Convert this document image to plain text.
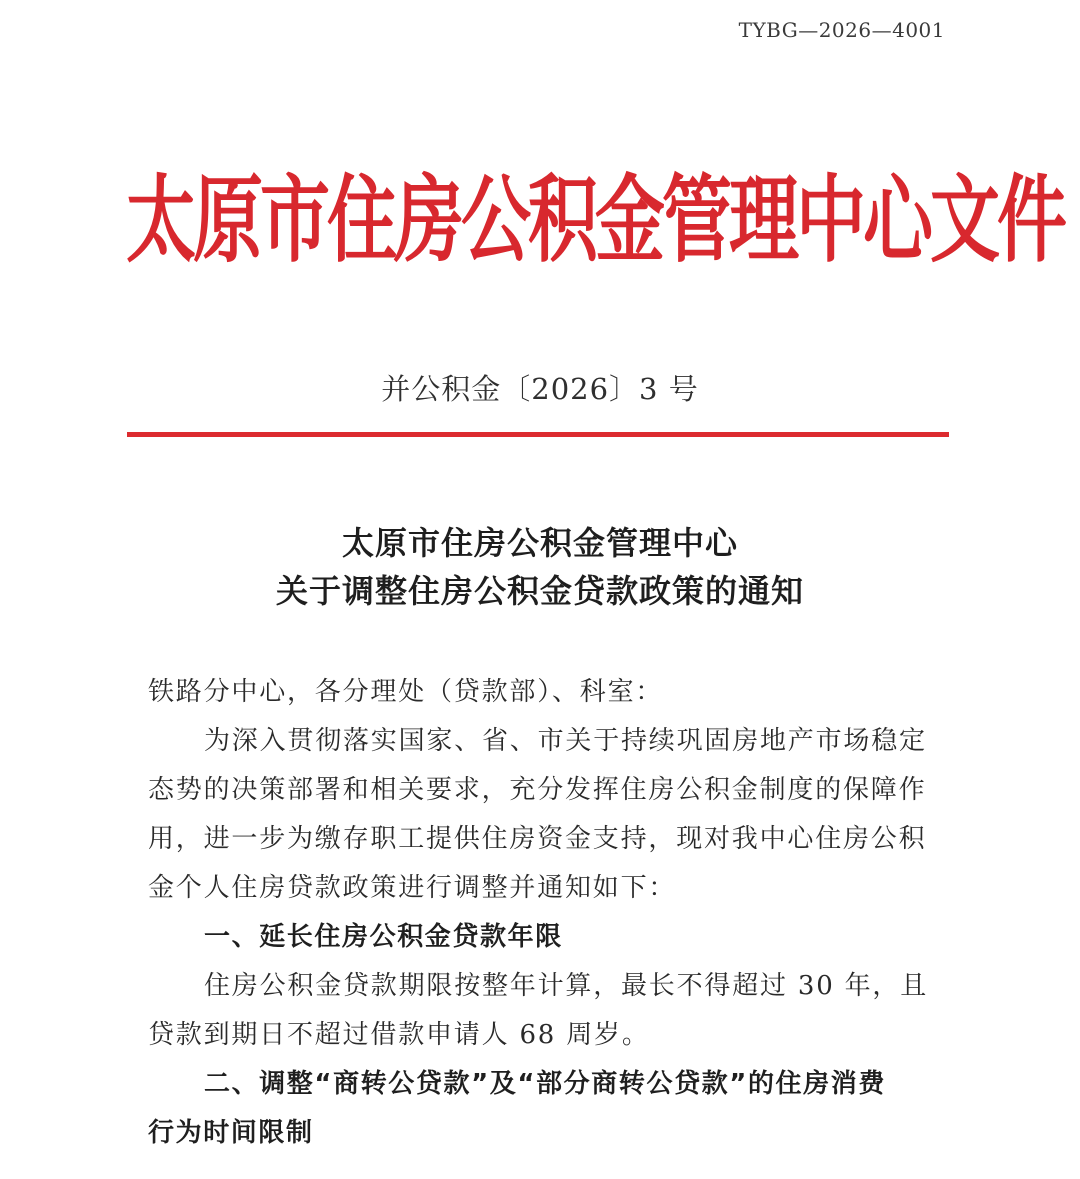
TYBG—2026—4001
太原市住房公积金管理中心文件
并公积金〔2026〕3 号
太原市住房公积金管理中心
关于调整住房公积金贷款政策的通知
铁路分中心，各分理处（贷款部）、科室：
为深入贯彻落实国家、省、市关于持续巩固房地产市场稳定
态势的决策部署和相关要求，充分发挥住房公积金制度的保障作
用，进一步为缴存职工提供住房资金支持，现对我中心住房公积
金个人住房贷款政策进行调整并通知如下：
一、延长住房公积金贷款年限
住房公积金贷款期限按整年计算，最长不得超过 30 年，且
贷款到期日不超过借款申请人 68 周岁。
二、调整“商转公贷款”及“部分商转公贷款”的住房消费
行为时间限制
